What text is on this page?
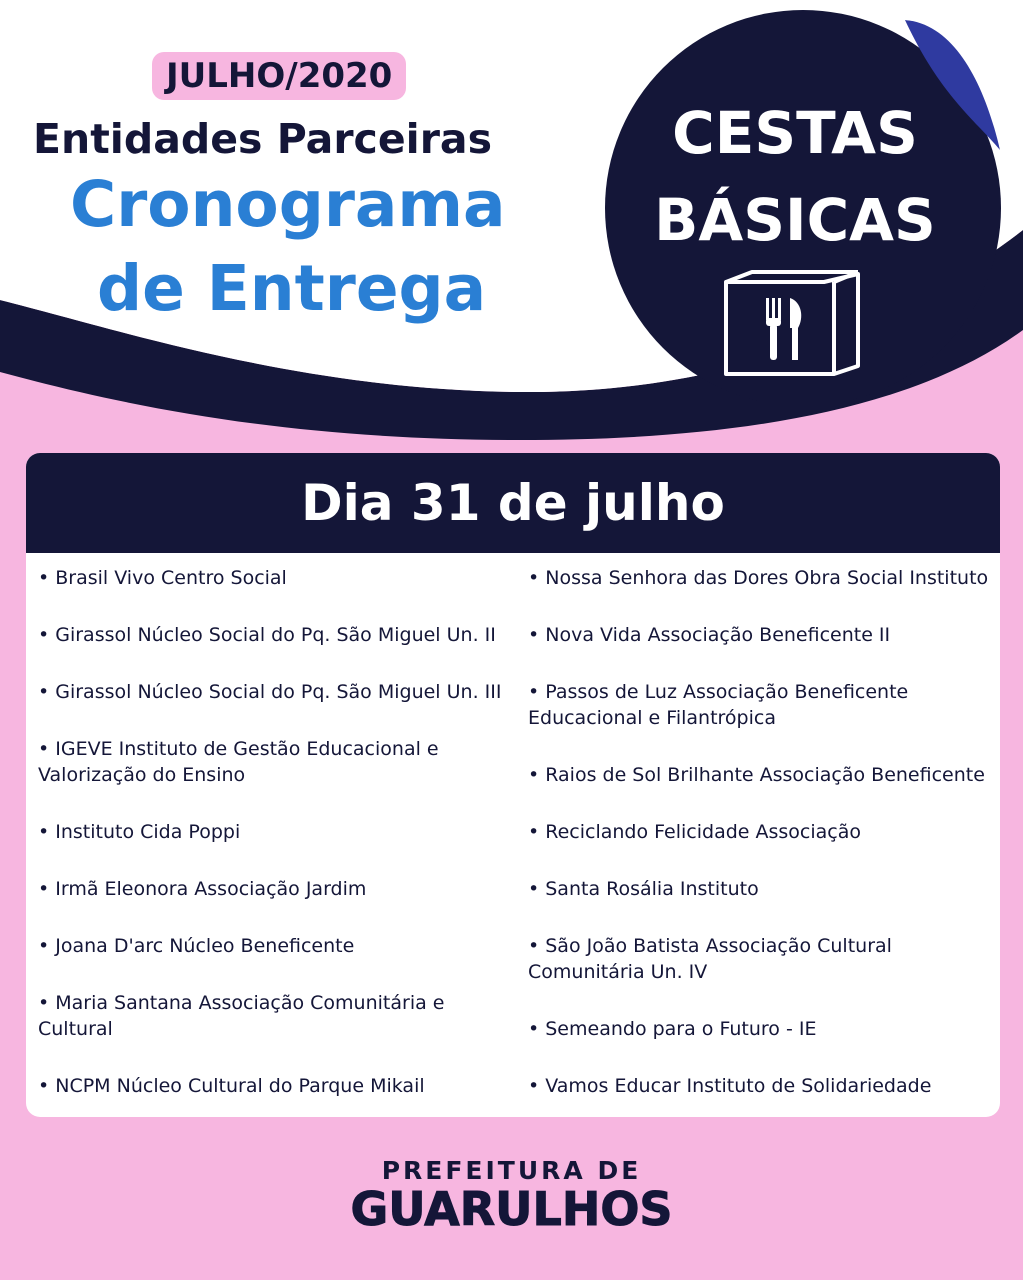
JULHO/2020
Entidades Parceiras
Cronograma
de Entrega
CESTAS
BÁSICAS
Dia 31 de julho
• Brasil Vivo Centro Social
• Girassol Núcleo Social do Pq. São Miguel Un. II
• Girassol Núcleo Social do Pq. São Miguel Un. III
• IGEVE Instituto de Gestão Educacional e Valorização do Ensino
• Instituto Cida Poppi
• Irmã Eleonora Associação Jardim
• Joana D'arc Núcleo Beneficente
• Maria Santana Associação Comunitária e Cultural
• NCPM Núcleo Cultural do Parque Mikail
• Nossa Senhora das Dores Obra Social Instituto
• Nova Vida Associação Beneficente II
• Passos de Luz Associação Beneficente Educacional e Filantrópica
• Raios de Sol Brilhante Associação Beneficente
• Reciclando Felicidade Associação
• Santa Rosália Instituto
• São João Batista Associação Cultural Comunitária Un. IV
• Semeando para o Futuro - IE
• Vamos Educar Instituto de Solidariedade
PREFEITURA DE
GUARULHOS
